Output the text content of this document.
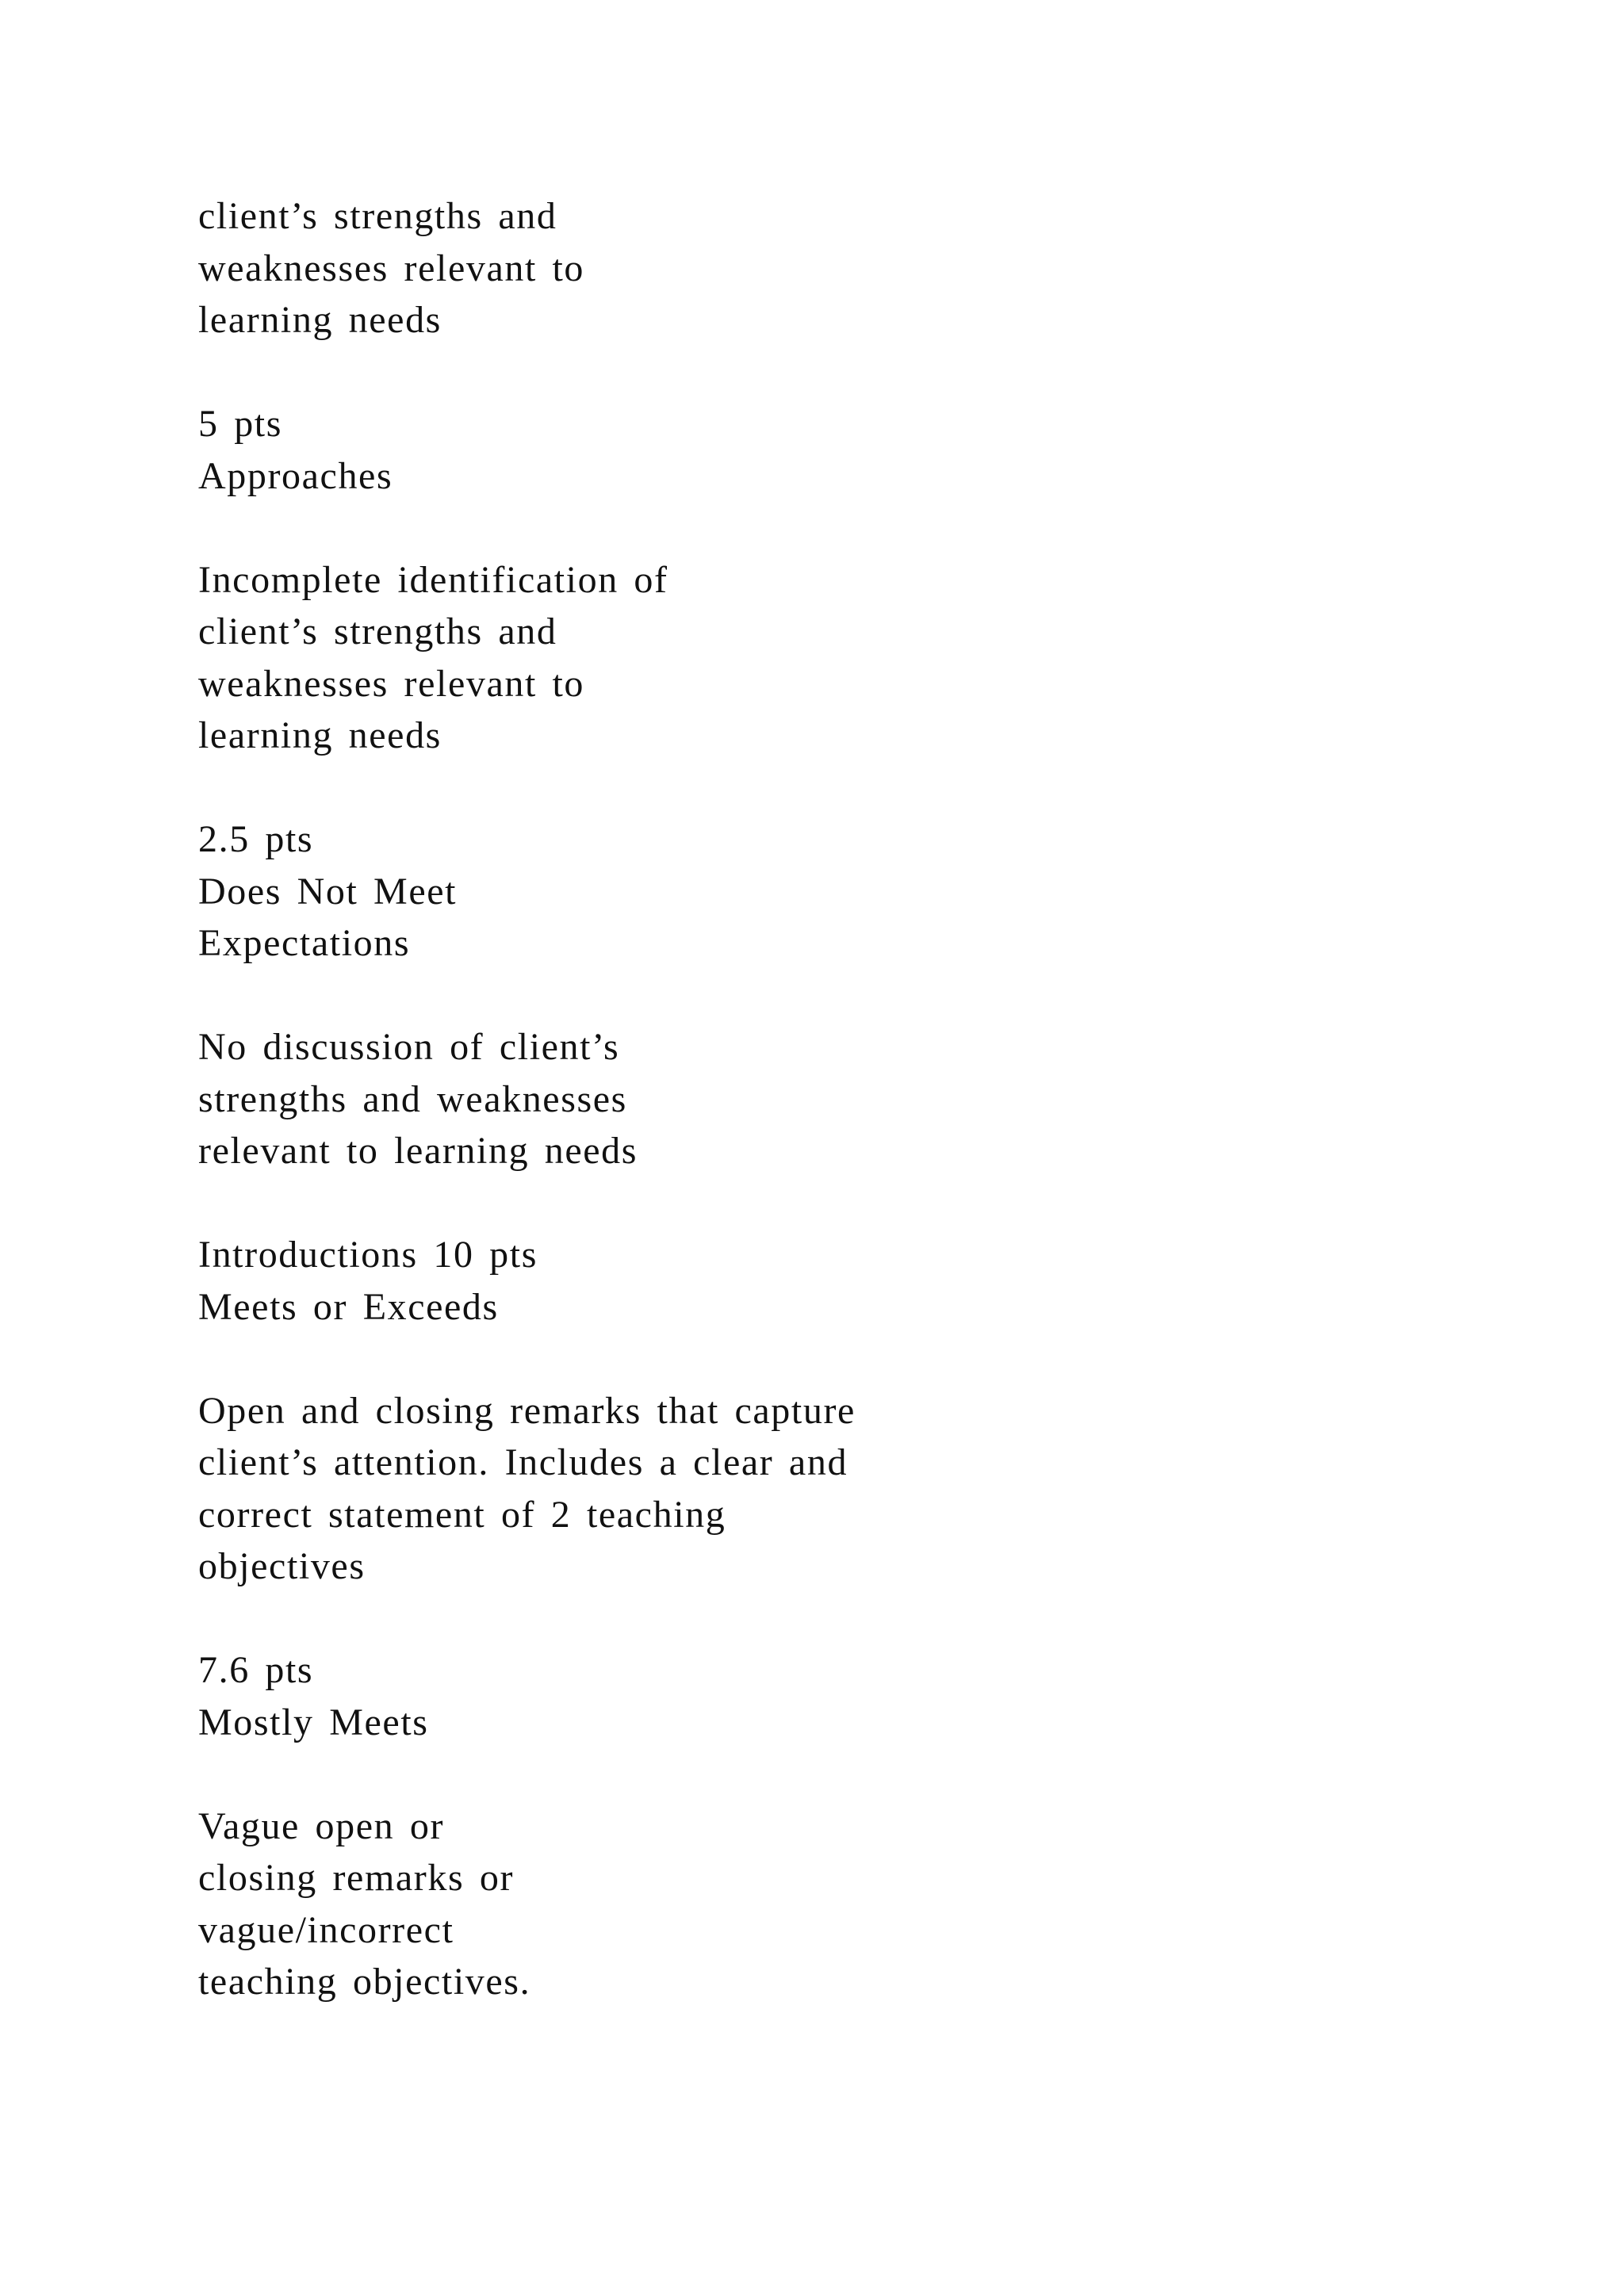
client’s strengths and
weaknesses relevant to
learning needs
5 pts
Approaches
Incomplete identification of
client’s strengths and
weaknesses relevant to
learning needs
2.5 pts
Does Not Meet
Expectations
No discussion of client’s
strengths and weaknesses
relevant to learning needs
Introductions 10 pts
Meets or Exceeds
Open and closing remarks that capture
client’s attention. Includes a clear and
correct statement of 2 teaching
objectives
7.6 pts
Mostly Meets
Vague open or
closing remarks or
vague/incorrect
teaching objectives.
